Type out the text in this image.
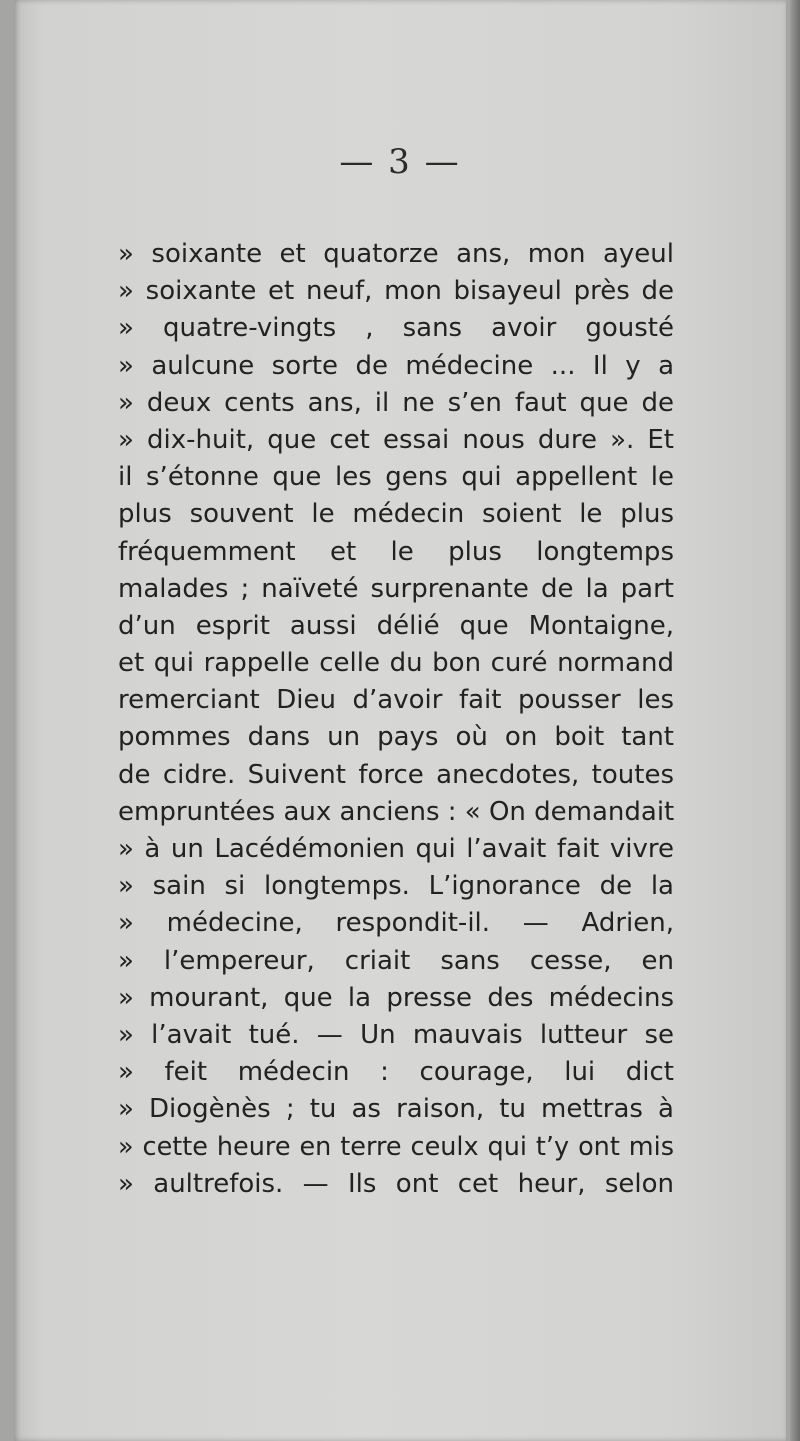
— 3 —
» soixante et quatorze ans, mon ayeul
» soixante et neuf, mon bisayeul près de
» quatre-vingts , sans avoir gousté
» aulcune sorte de médecine ... Il y a
» deux cents ans, il ne s’en faut que de
» dix-huit, que cet essai nous dure ». Et
il s’étonne que les gens qui appellent le
plus souvent le médecin soient le plus
fréquemment et le plus longtemps
malades ; naïveté surprenante de la part
d’un esprit aussi délié que Montaigne,
et qui rappelle celle du bon curé normand
remerciant Dieu d’avoir fait pousser les
pommes dans un pays où on boit tant
de cidre. Suivent force anecdotes, toutes
empruntées aux anciens : « On demandait
» à un Lacédémonien qui l’avait fait vivre
» sain si longtemps. L’ignorance de la
» médecine, respondit-il. — Adrien,
» l’empereur, criait sans cesse, en
» mourant, que la presse des médecins
» l’avait tué. — Un mauvais lutteur se
» feit médecin : courage, lui dict
» Diogènès ; tu as raison, tu mettras à
» cette heure en terre ceulx qui t’y ont mis
» aultrefois. — Ils ont cet heur, selon
